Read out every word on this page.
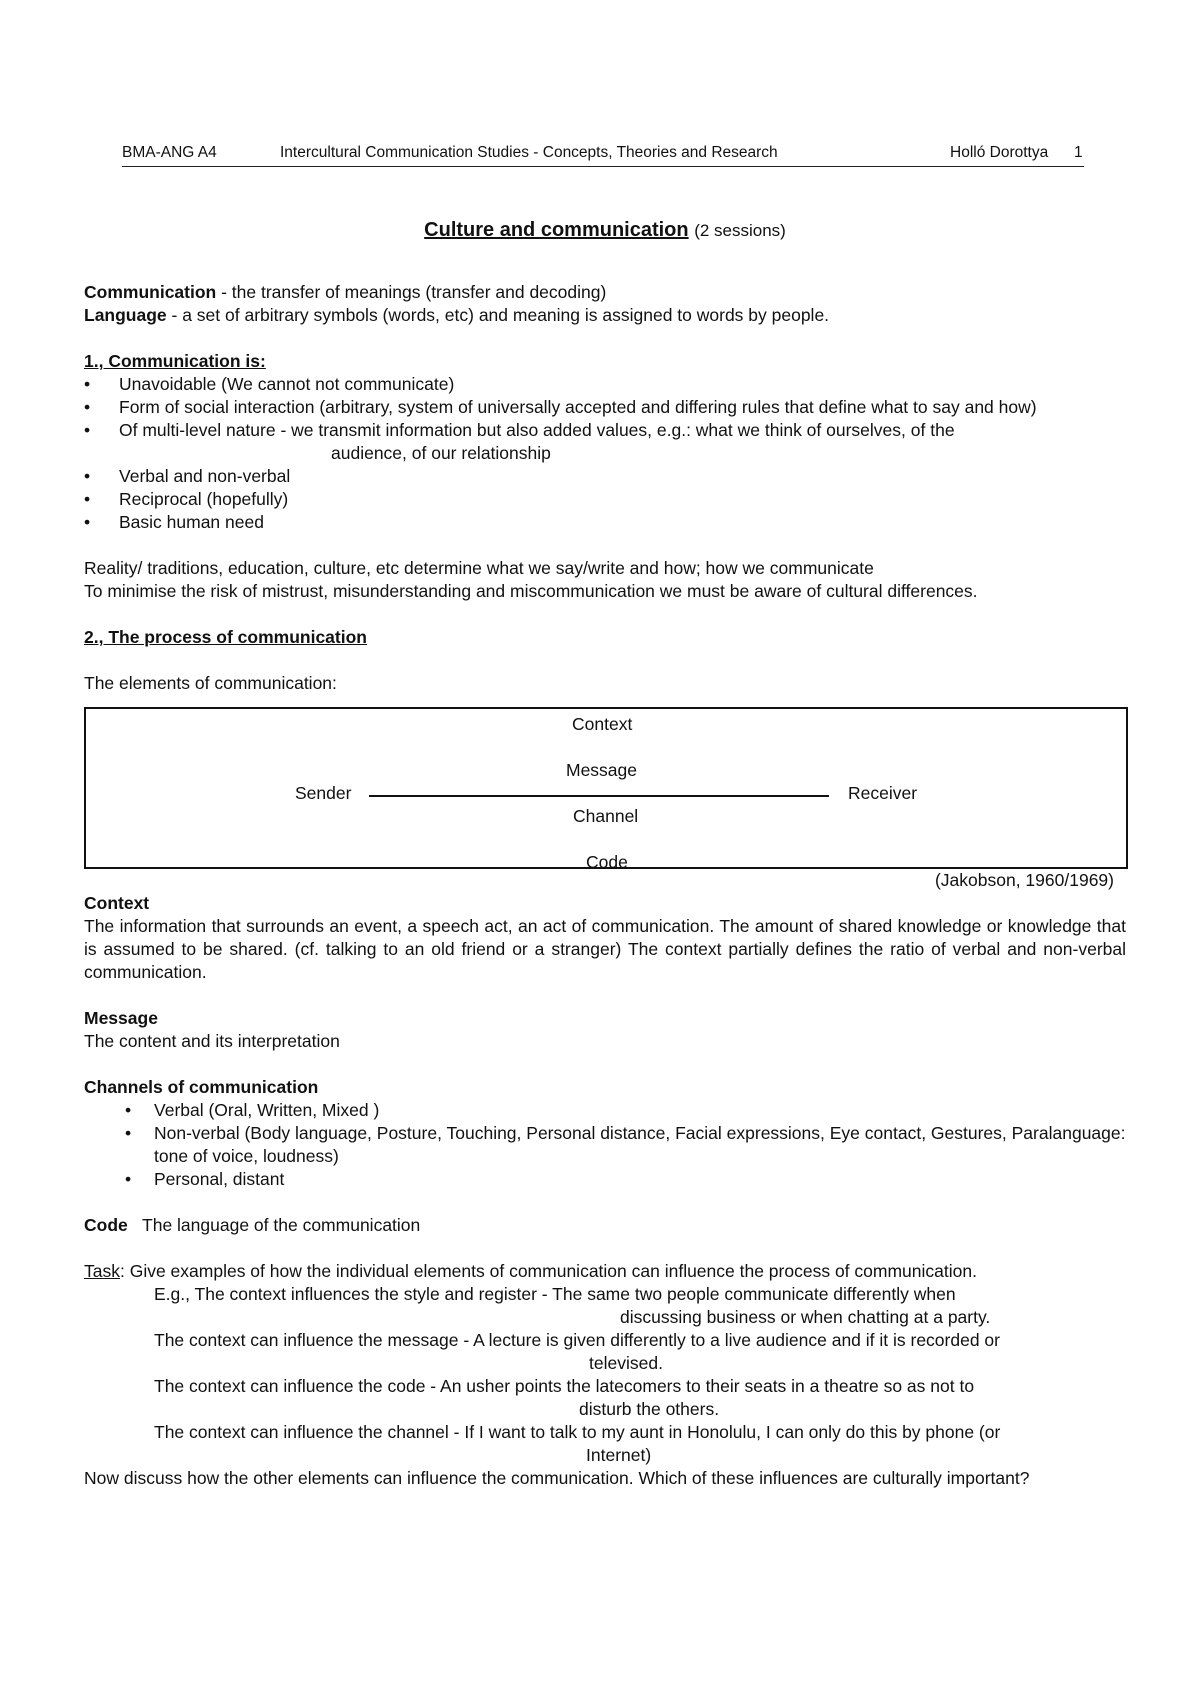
BMA-ANG A4	Intercultural Communication Studies - Concepts, Theories and Research	Holló Dorottya 1
Culture and communication (2 sessions)

Communication - the transfer of meanings (transfer and decoding)

Language - a set of arbitrary symbols (words, etc) and meaning is assigned to words by people.

1., Communication is:

• Unavoidable (We cannot not communicate)
• Form of social interaction (arbitrary, system of universally accepted and differing rules that define what to say and how)
• Of multi-level nature - we transmit information but also added values, e.g.: what we think of ourselves, of the
audience, of our relationship
• Verbal and non-verbal
• Reciprocal (hopefully)
• Basic human need

Reality/ traditions, education, culture, etc determine what we say/write and how; how we communicate

To minimise the risk of mistrust, misunderstanding and miscommunication we must be aware of cultural differences.

2., The process of communication

The elements of communication:

Context
Message
Sender	Receiver
Channel
Code

(Jakobson, 1960/1969)

Context

The information that surrounds an event, a speech act, an act of communication. The amount of shared knowledge or knowledge that is assumed to be shared. (cf. talking to an old friend or a stranger) The context partially defines the ratio of verbal and non-verbal communication.

Message

The content and its interpretation

Channels of communication

• Verbal (Oral, Written, Mixed )
• Non-verbal (Body language, Posture, Touching, Personal distance, Facial expressions, Eye contact, Gestures, Paralanguage: tone of voice, loudness)
• Personal, distant

Code The language of the communication

Task: Give examples of how the individual elements of communication can influence the process of communication.

E.g., The context influences the style and register - The same two people communicate differently when
discussing business or when chatting at a party.

The context can influence the message - A lecture is given differently to a live audience and if it is recorded or
televised.

The context can influence the code - An usher points the latecomers to their seats in a theatre so as not to
disturb the others.

The context can influence the channel - If I want to talk to my aunt in Honolulu, I can only do this by phone (or
Internet)

Now discuss how the other elements can influence the communication. Which of these influences are culturally important?
